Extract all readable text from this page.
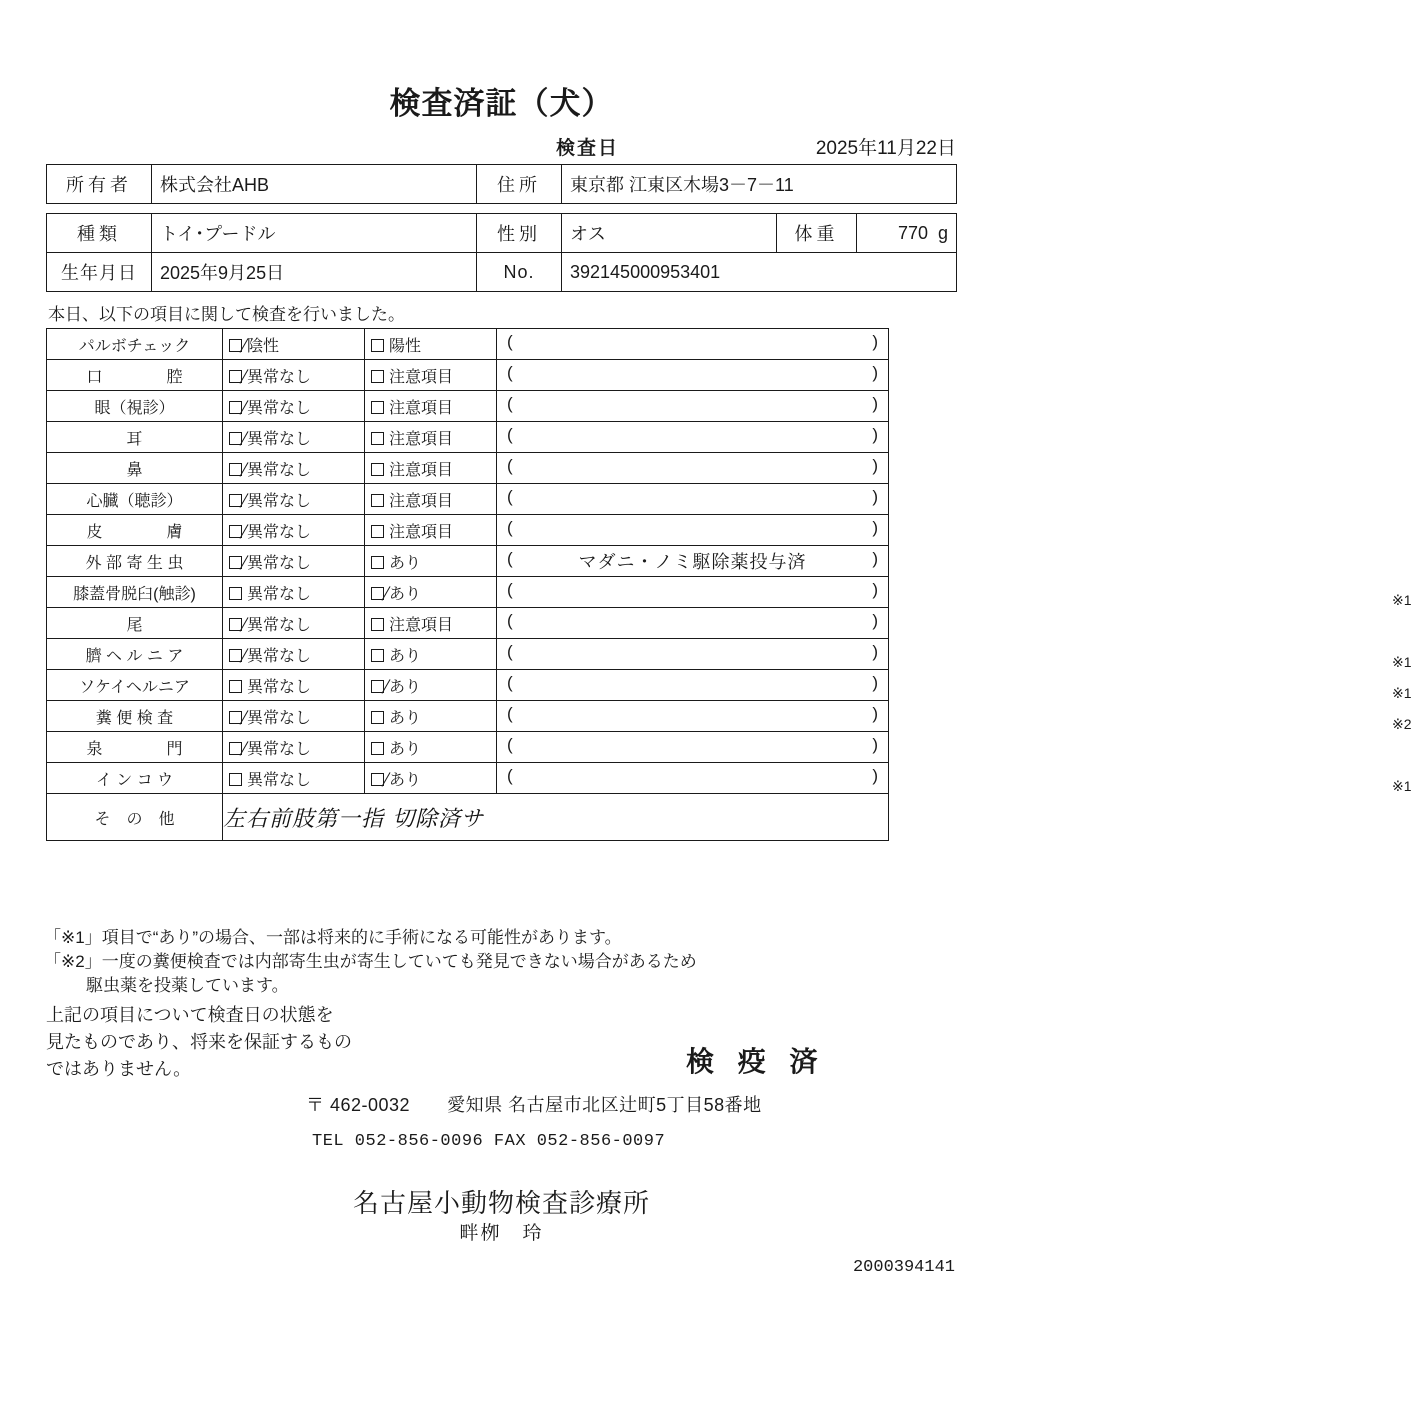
検査済証（犬）
検査日	2025年11月22日
所有者	株式会社AHB	住所	東京都 江東区木場3－7－11		

種類	トイ･プードル	性別	オス	体重	770 g
生年月日	2025年9月25日	No.	392145000953401		
本日、以下の項目に関して検査を行いました。
パルボチェック	陰性	陽性	( )

口　　　　腔	異常なし	注意項目	( )

眼（視診）	異常なし	注意項目	( )

耳	異常なし	注意項目	( )

鼻	異常なし	注意項目	( )

心臓（聴診）	異常なし	注意項目	( )

皮　　　　膚	異常なし	注意項目	( )

外 部 寄 生 虫	異常なし	あり	( マダニ・ノミ駆除薬投与済 )

膝蓋骨脱臼(触診)	異常なし	あり	( )
※1

尾	異常なし	注意項目	( )

臍 ヘ ル ニ ア	異常なし	あり	( )
※1

ソケイヘルニア	異常なし	あり	( )
※1

糞 便 検 査	異常なし	あり	( )
※2

泉　　　　門	異常なし	あり	( )

イ ン コ ウ	異常なし	あり	( )
※1

そ　の　他	左右前肢第一指 切除済サ		
「※1」項目で“あり”の場合、一部は将来的に手術になる可能性があります。
「※2」一度の糞便検査では内部寄生虫が寄生していても発見できない場合があるため
駆虫薬を投薬しています。
上記の項目について検査日の状態を
見たものであり、将来を保証するもの
ではありません。	検 疫 済
〒 462-0032　　愛知県 名古屋市北区辻町5丁目58番地
TEL 052-856-0096 FAX 052-856-0097
名古屋小動物検査診療所
畔栁　玲
2000394141
